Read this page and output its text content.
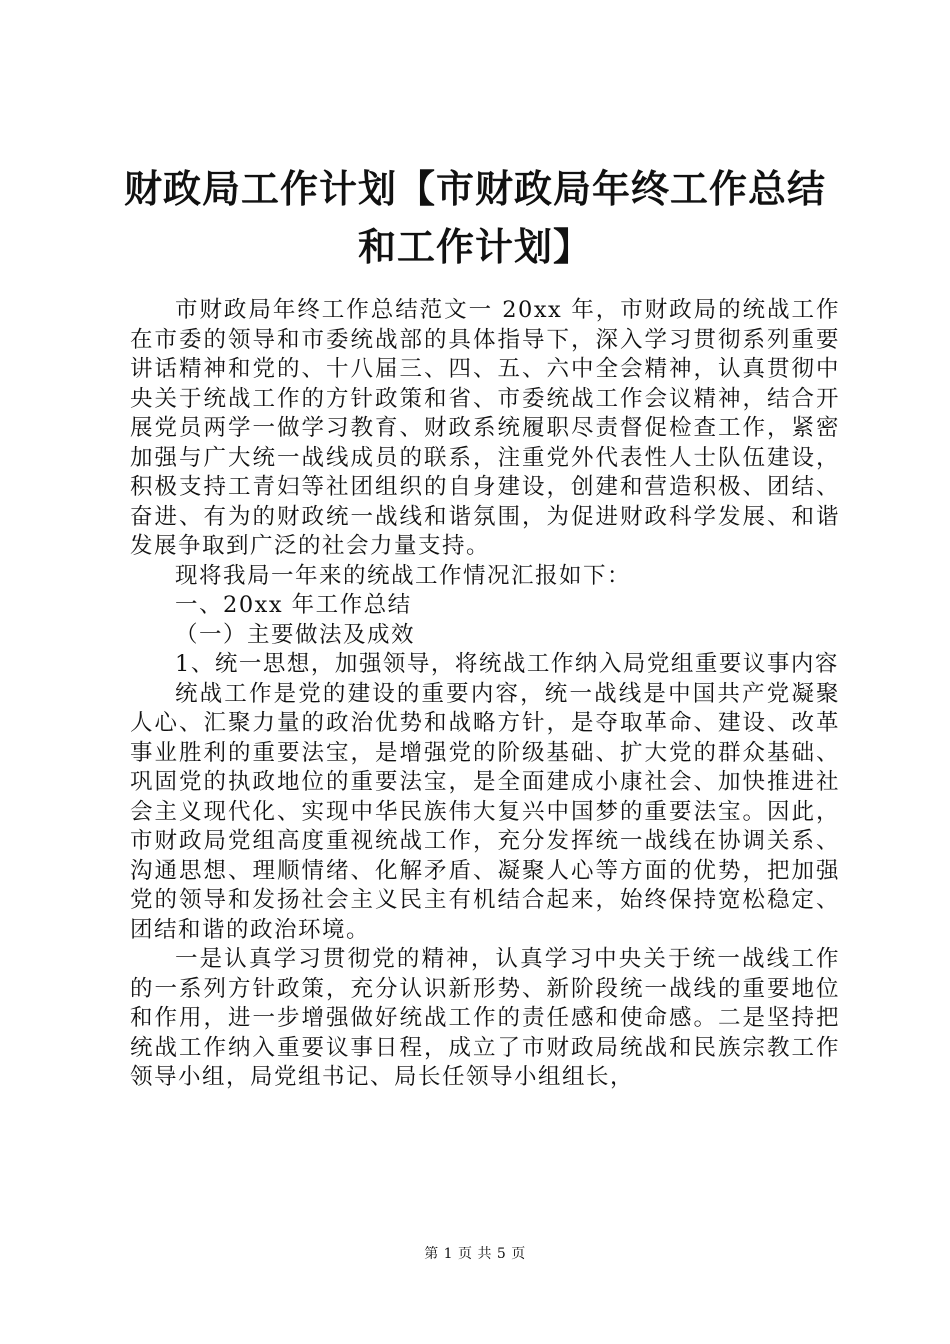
财政局工作计划【市财政局年终工作总结和工作计划】

市财政局年终工作总结范文一 20xx 年，市财政局的统战工作在市委的领导和市委统战部的具体指导下，深入学习贯彻系列重要讲话精神和党的、十八届三、四、五、六中全会精神，认真贯彻中央关于统战工作的方针政策和省、市委统战工作会议精神，结合开展党员两学一做学习教育、财政系统履职尽责督促检查工作，紧密加强与广大统一战线成员的联系，注重党外代表性人士队伍建设，积极支持工青妇等社团组织的自身建设，创建和营造积极、团结、奋进、有为的财政统一战线和谐氛围，为促进财政科学发展、和谐发展争取到广泛的社会力量支持。

现将我局一年来的统战工作情况汇报如下：

一、20xx 年工作总结

（一）主要做法及成效

1、统一思想，加强领导，将统战工作纳入局党组重要议事内容

统战工作是党的建设的重要内容，统一战线是中国共产党凝聚人心、汇聚力量的政治优势和战略方针，是夺取革命、建设、改革事业胜利的重要法宝，是增强党的阶级基础、扩大党的群众基础、巩固党的执政地位的重要法宝，是全面建成小康社会、加快推进社会主义现代化、实现中华民族伟大复兴中国梦的重要法宝。因此，市财政局党组高度重视统战工作，充分发挥统一战线在协调关系、沟通思想、理顺情绪、化解矛盾、凝聚人心等方面的优势，把加强党的领导和发扬社会主义民主有机结合起来，始终保持宽松稳定、团结和谐的政治环境。

一是认真学习贯彻党的精神，认真学习中央关于统一战线工作的一系列方针政策，充分认识新形势、新阶段统一战线的重要地位和作用，进一步增强做好统战工作的责任感和使命感。二是坚持把统战工作纳入重要议事日程，成立了市财政局统战和民族宗教工作领导小组，局党组书记、局长任领导小组组长，

第 1 页 共 5 页
